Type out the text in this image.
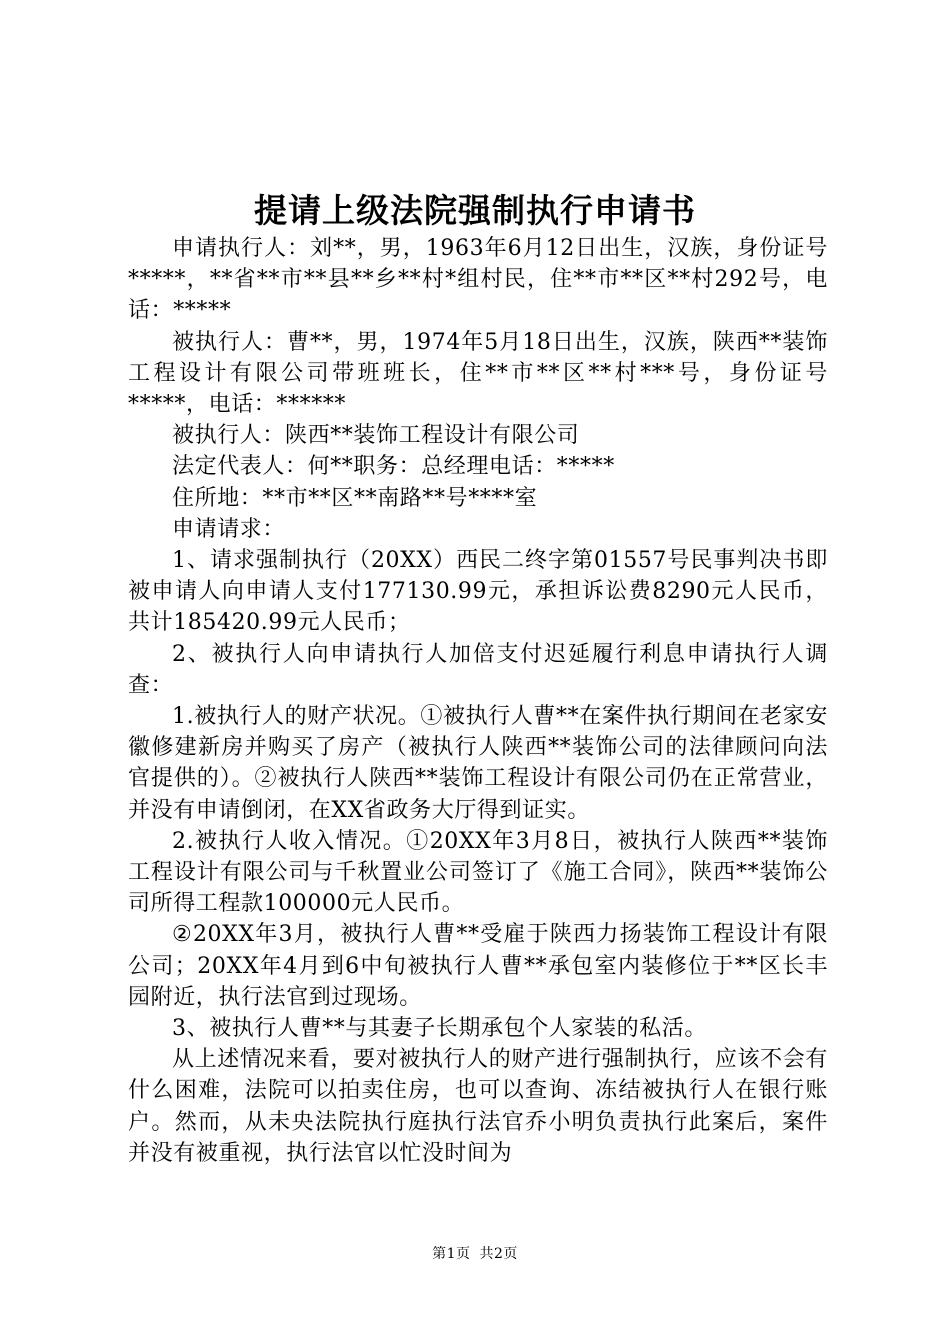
提请上级法院强制执行申请书

申请执行人：刘**，男，1963年6月12日出生，汉族，身份证号*****，**省**市**县**乡**村*组村民，住**市**区**村292号，电话：*****

被执行人：曹**，男，1974年5月18日出生，汉族，陕西**装饰工程设计有限公司带班班长，住**市**区**村***号，身份证号*****，电话：******

被执行人：陕西**装饰工程设计有限公司

法定代表人：何**职务：总经理电话：*****

住所地：**市**区**南路**号****室

申请请求：

1、请求强制执行（20XX）西民二终字第01557号民事判决书即被申请人向申请人支付177130.99元，承担诉讼费8290元人民币，共计185420.99元人民币；

2、被执行人向申请执行人加倍支付迟延履行利息申请执行人调查：

1.被执行人的财产状况。①被执行人曹**在案件执行期间在老家安徽修建新房并购买了房产（被执行人陕西**装饰公司的法律顾问向法官提供的）。②被执行人陕西**装饰工程设计有限公司仍在正常营业，并没有申请倒闭，在XX省政务大厅得到证实。

2.被执行人收入情况。①20XX年3月8日，被执行人陕西**装饰工程设计有限公司与千秋置业公司签订了《施工合同》，陕西**装饰公司所得工程款100000元人民币。

②20XX年3月，被执行人曹**受雇于陕西力扬装饰工程设计有限公司；20XX年4月到6中旬被执行人曹**承包室内装修位于**区长丰园附近，执行法官到过现场。

3、被执行人曹**与其妻子长期承包个人家装的私活。

从上述情况来看，要对被执行人的财产进行强制执行，应该不会有什么困难，法院可以拍卖住房，也可以查询、冻结被执行人在银行账户。然而，从未央法院执行庭执行法官乔小明负责执行此案后，案件并没有被重视，执行法官以忙没时间为

第1页 共2页
